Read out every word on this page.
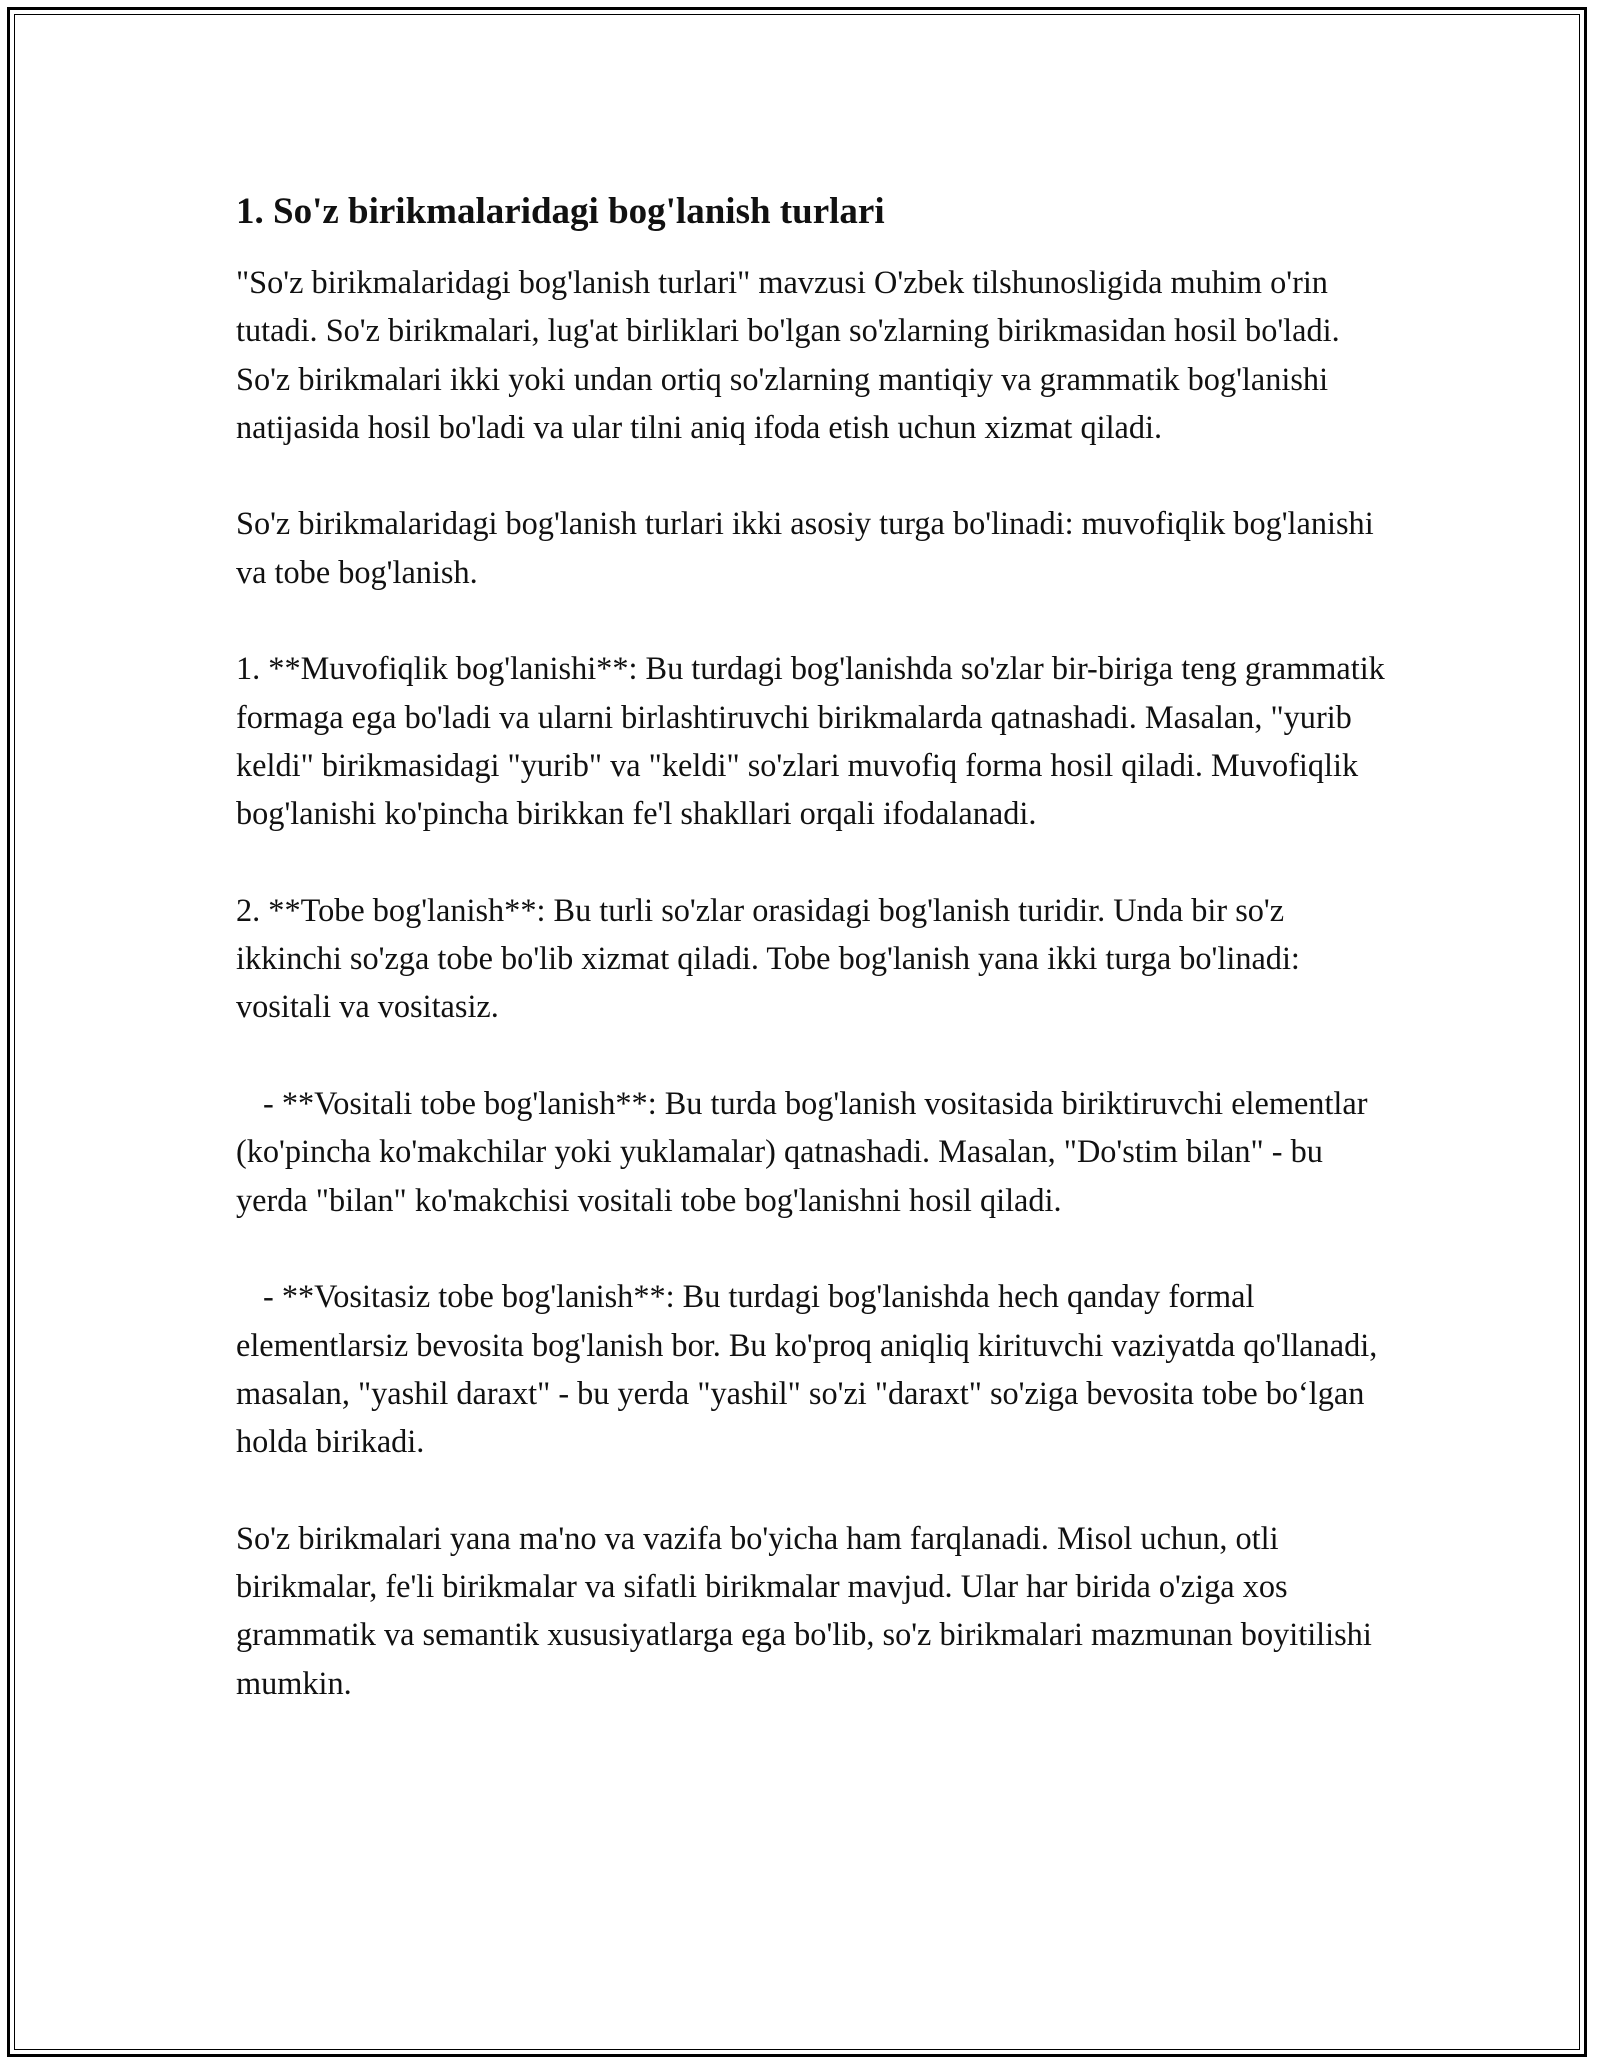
1. So'z birikmalaridagi bog'lanish turlari

"So'z birikmalaridagi bog'lanish turlari" mavzusi O'zbek tilshunosligida muhim o'rin tutadi. So'z birikmalari, lug'at birliklari bo'lgan so'zlarning birikmasidan hosil bo'ladi. So'z birikmalari ikki yoki undan ortiq so'zlarning mantiqiy va grammatik bog'lanishi natijasida hosil bo'ladi va ular tilni aniq ifoda etish uchun xizmat qiladi.

So'z birikmalaridagi bog'lanish turlari ikki asosiy turga bo'linadi: muvofiqlik bog'lanishi va tobe bog'lanish.

1. **Muvofiqlik bog'lanishi**: Bu turdagi bog'lanishda so'zlar bir-biriga teng grammatik formaga ega bo'ladi va ularni birlashtiruvchi birikmalarda qatnashadi. Masalan, "yurib keldi" birikmasidagi "yurib" va "keldi" so'zlari muvofiq forma hosil qiladi. Muvofiqlik bog'lanishi ko'pincha birikkan fe'l shakllari orqali ifodalanadi.

2. **Tobe bog'lanish**: Bu turli so'zlar orasidagi bog'lanish turidir. Unda bir so'z ikkinchi so'zga tobe bo'lib xizmat qiladi. Tobe bog'lanish yana ikki turga bo'linadi: vositali va vositasiz.

- **Vositali tobe bog'lanish**: Bu turda bog'lanish vositasida biriktiruvchi elementlar (ko'pincha ko'makchilar yoki yuklamalar) qatnashadi. Masalan, "Do'stim bilan" - bu yerda "bilan" ko'makchisi vositali tobe bog'lanishni hosil qiladi.

- **Vositasiz tobe bog'lanish**: Bu turdagi bog'lanishda hech qanday formal elementlarsiz bevosita bog'lanish bor. Bu ko'proq aniqliq kirituvchi vaziyatda qo'llanadi, masalan, "yashil daraxt" - bu yerda "yashil" so'zi "daraxt" so'ziga bevosita tobe bo‘lgan holda birikadi.

So'z birikmalari yana ma'no va vazifa bo'yicha ham farqlanadi. Misol uchun, otli birikmalar, fe'li birikmalar va sifatli birikmalar mavjud. Ular har birida o'ziga xos grammatik va semantik xususiyatlarga ega bo'lib, so'z birikmalari mazmunan boyitilishi mumkin.
